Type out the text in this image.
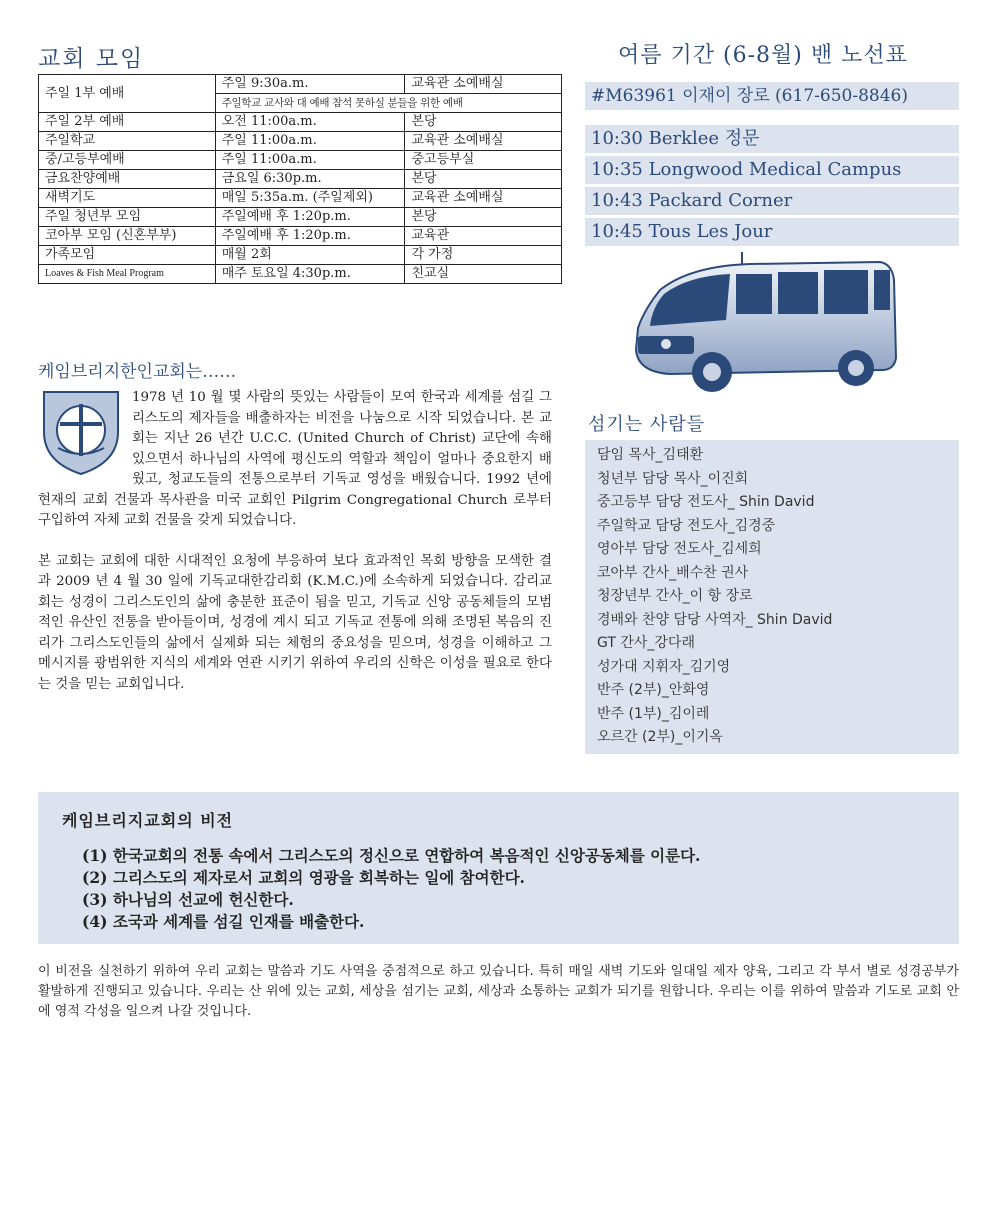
교회 모임
주일 1부 예배	주일 9:30a.m.	교육관 소예배실
	주일학교 교사와 대 예배 참석 못하실 분들을 위한 예배	
주일 2부 예배	오전 11:00a.m.	본당
주일학교	주일 11:00a.m.	교육관 소예배실
중/고등부예배	주일 11:00a.m.	중고등부실
금요찬양예배	금요일 6:30p.m.	본당
새벽기도	매일 5:35a.m. (주일제외)	교육관 소예배실
주일 청년부 모임	주일예배 후 1:20p.m.	본당
코아부 모임 (신혼부부)	주일예배 후 1:20p.m.	교육관
가족모임	매월 2회	각 가정
Loaves & Fish Meal Program	매주 토요일 4:30p.m.	친교실
여름 기간 (6-8월) 밴 노선표
#M63961 이재이 장로 (617-650-8846)
10:30 Berklee 정문
10:35 Longwood Medical Campus
10:43 Packard Corner
10:45 Tous Les Jour
케임브리지한인교회는……

1978 년 10 월 몇 사람의 뜻있는 사람들이 모여 한국과 세계를 섬길 그리스도의 제자들을 배출하자는 비전을 나눔으로 시작 되었습니다. 본 교회는 지난 26 년간 U.C.C. (United Church of Christ) 교단에 속해 있으면서 하나님의 사역에 평신도의 역할과 책임이 얼마나 중요한지 배웠고, 청교도들의 전통으로부터 기독교 영성을 배웠습니다. 1992 년에 현재의 교회 건물과 목사관을 미국 교회인 Pilgrim Congregational Church 로부터 구입하여 자체 교회 건물을 갖게 되었습니다.

본 교회는 교회에 대한 시대적인 요청에 부응하여 보다 효과적인 목회 방향을 모색한 결과 2009 년 4 월 30 일에 기독교대한감리회 (K.M.C.)에 소속하게 되었습니다. 감리교회는 성경이 그리스도인의 삶에 충분한 표준이 됨을 믿고, 기독교 신앙 공동체들의 모범적인 유산인 전통을 받아들이며, 성경에 계시 되고 기독교 전통에 의해 조명된 복음의 진리가 그리스도인들의 삶에서 실제화 되는 체험의 중요성을 믿으며, 성경을 이해하고 그 메시지를 광범위한 지식의 세계와 연관 시키기 위하여 우리의 신학은 이성을 필요로 한다는 것을 믿는 교회입니다.

섬기는 사람들
담임 목사_김태환
청년부 담당 목사_이진회
중고등부 담당 전도사_ Shin David
주일학교 담당 전도사_김경중
영아부 담당 전도사_김세희
코아부 간사_배수찬 권사
청장년부 간사_이 항 장로
경배와 찬양 담당 사역자_ Shin David
GT 간사_강다래
성가대 지휘자_김기영
반주 (2부)_안화영
반주 (1부)_김이레
오르간 (2부)_이기옥
케임브리지교회의 비전
(1) 한국교회의 전통 속에서 그리스도의 정신으로 연합하여 복음적인 신앙공동체를 이룬다.
(2) 그리스도의 제자로서 교회의 영광을 회복하는 일에 참여한다.
(3) 하나님의 선교에 헌신한다.
(4) 조국과 세계를 섬길 인재를 배출한다.

이 비전을 실천하기 위하여 우리 교회는 말씀과 기도 사역을 중점적으로 하고 있습니다. 특히 매일 새벽 기도와 일대일 제자 양육, 그리고 각 부서 별로 성경공부가 활발하게 진행되고 있습니다. 우리는 산 위에 있는 교회, 세상을 섬기는 교회, 세상과 소통하는 교회가 되기를 원합니다. 우리는 이를 위하여 말씀과 기도로 교회 안에 영적 각성을 일으켜 나갈 것입니다.
